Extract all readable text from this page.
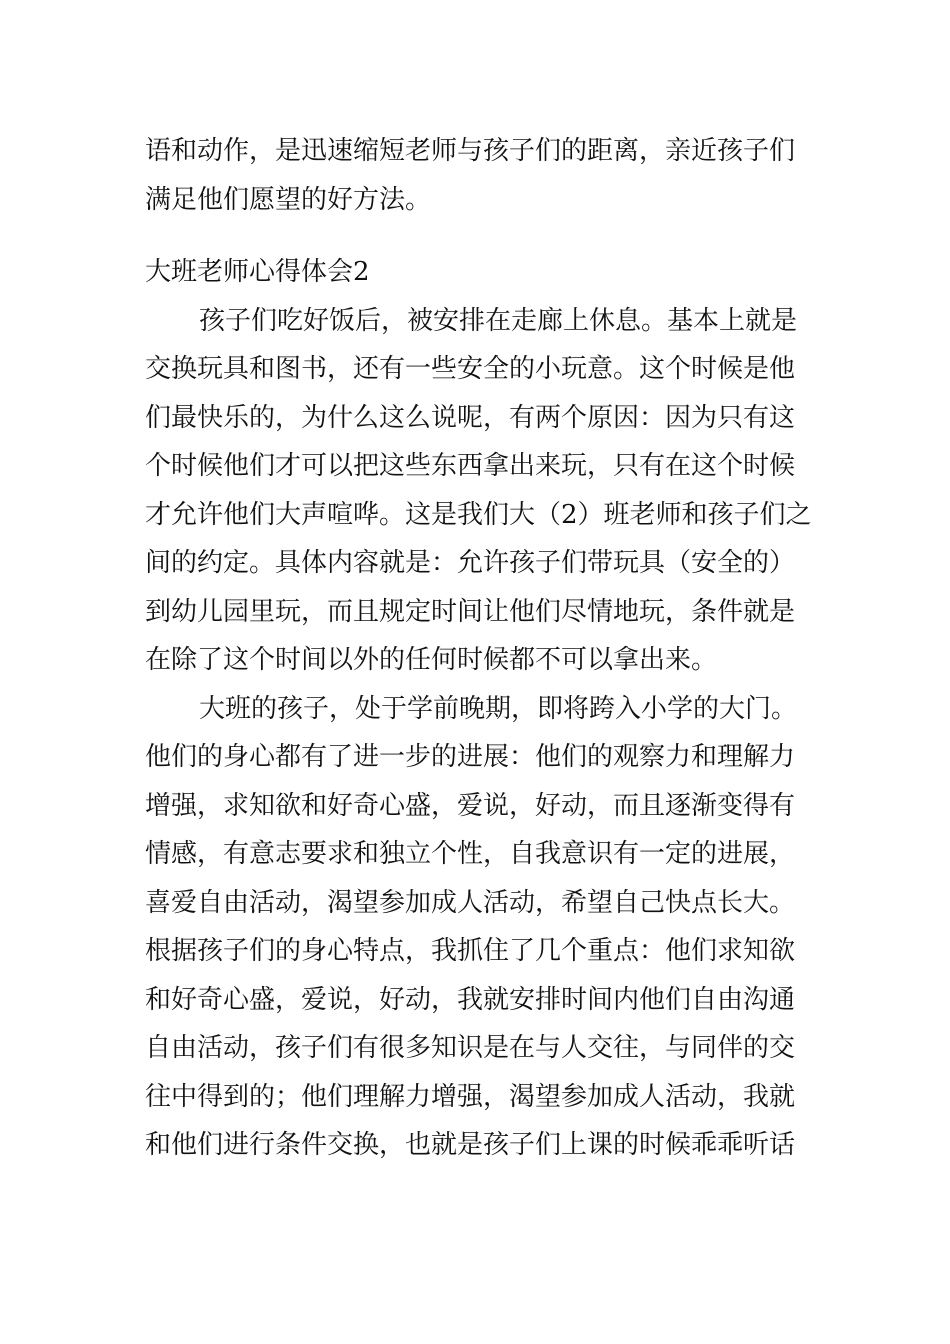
语和动作，是迅速缩短老师与孩子们的距离，亲近孩子们
满足他们愿望的好方法。
大班老师心得体会2
孩子们吃好饭后，被安排在走廊上休息。基本上就是
交换玩具和图书，还有一些安全的小玩意。这个时候是他
们最快乐的，为什么这么说呢，有两个原因：因为只有这
个时候他们才可以把这些东西拿出来玩，只有在这个时候
才允许他们大声喧哗。这是我们大（2）班老师和孩子们之
间的约定。具体内容就是：允许孩子们带玩具（安全的）
到幼儿园里玩，而且规定时间让他们尽情地玩，条件就是
在除了这个时间以外的任何时候都不可以拿出来。
大班的孩子，处于学前晚期，即将跨入小学的大门。
他们的身心都有了进一步的进展：他们的观察力和理解力
增强，求知欲和好奇心盛，爱说，好动，而且逐渐变得有
情感，有意志要求和独立个性，自我意识有一定的进展，
喜爱自由活动，渴望参加成人活动，希望自己快点长大。
根据孩子们的身心特点，我抓住了几个重点：他们求知欲
和好奇心盛，爱说，好动，我就安排时间内他们自由沟通
自由活动，孩子们有很多知识是在与人交往，与同伴的交
往中得到的；他们理解力增强，渴望参加成人活动，我就
和他们进行条件交换，也就是孩子们上课的时候乖乖听话
